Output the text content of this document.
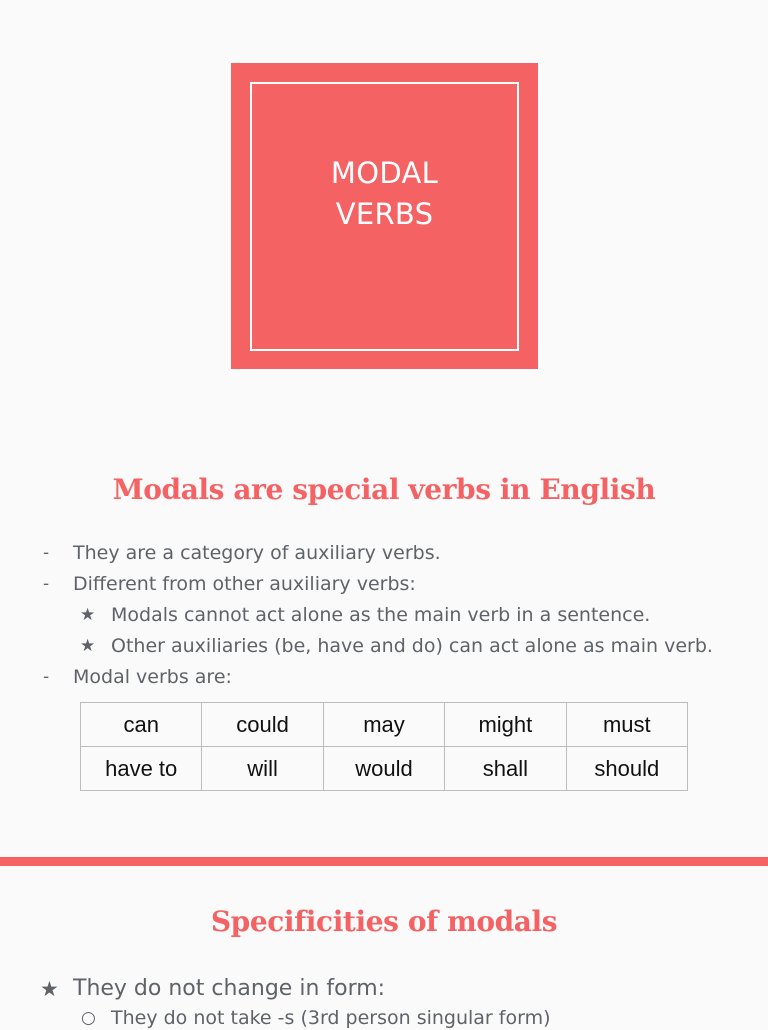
MODAL
VERBS
Modals are special verbs in English
- They are a category of auxiliary verbs.
- Different from other auxiliary verbs:
★ Modals cannot act alone as the main verb in a sentence.
★ Other auxiliaries (be, have and do) can act alone as main verb.
- Modal verbs are:
can	could	may	might	must
have to	will	would	shall	should
Specificities of modals
★ They do not change in form:
○ They do not take -s (3rd person singular form)
